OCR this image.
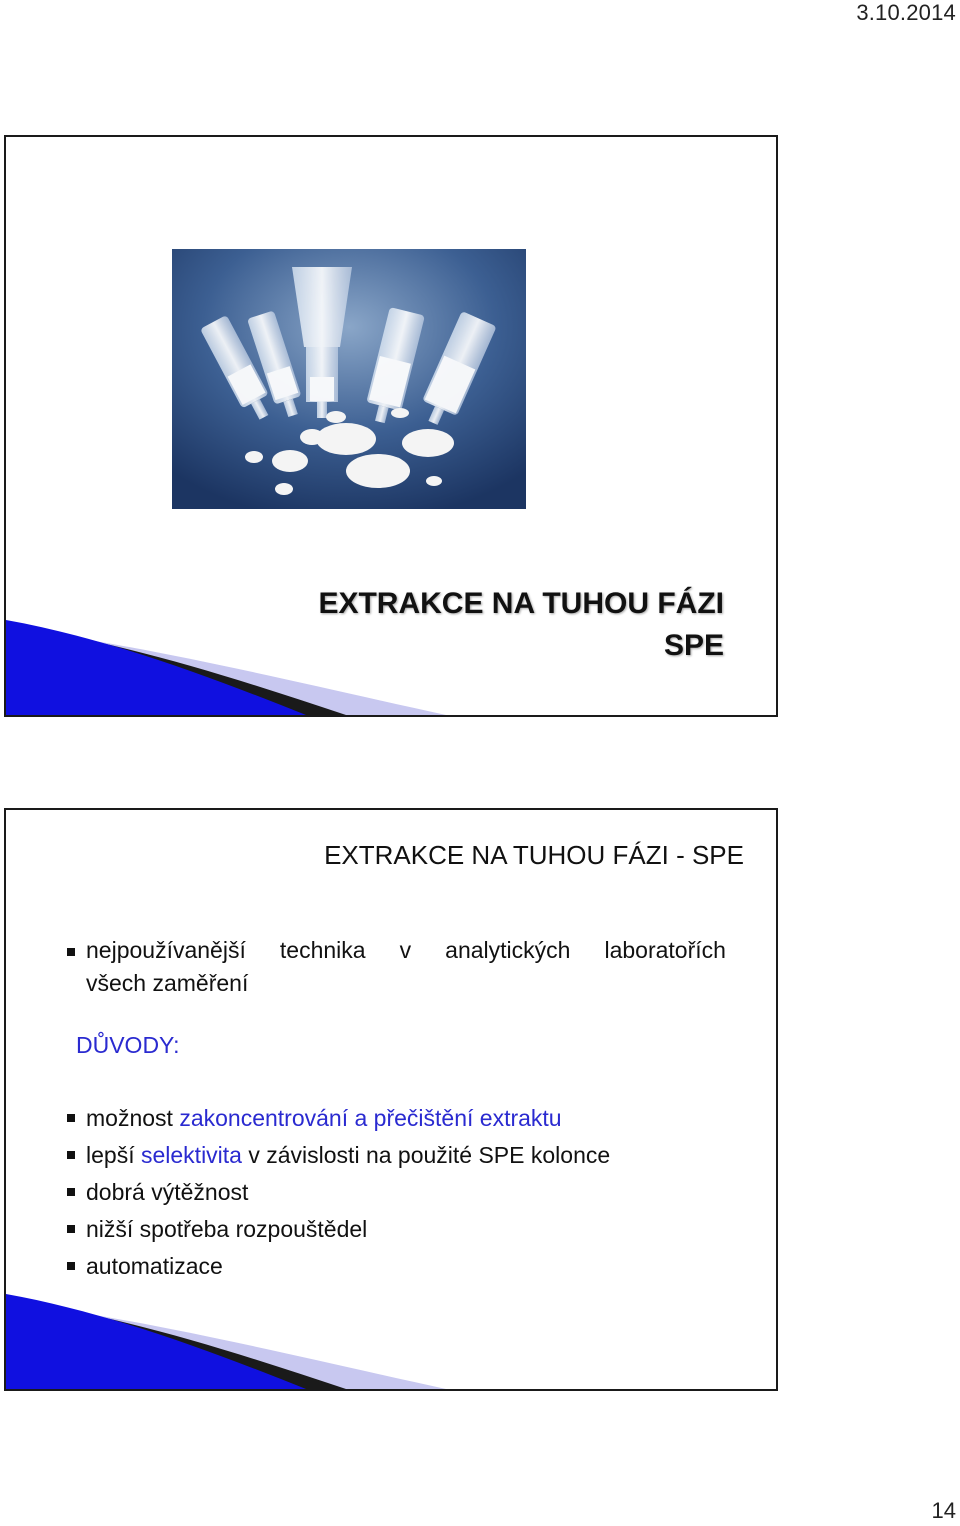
3.10.2014
EXTRAKCE NA TUHOU FÁZI
SPE
EXTRAKCE NA TUHOU FÁZI - SPE
nejpoužívanější technika v analytických laboratořích
všech zaměření
DŮVODY:
možnost zakoncentrování a přečištění extraktu
lepší selektivita v závislosti na použité SPE kolonce
dobrá výtěžnost
nižší spotřeba rozpouštědel
automatizace
14
